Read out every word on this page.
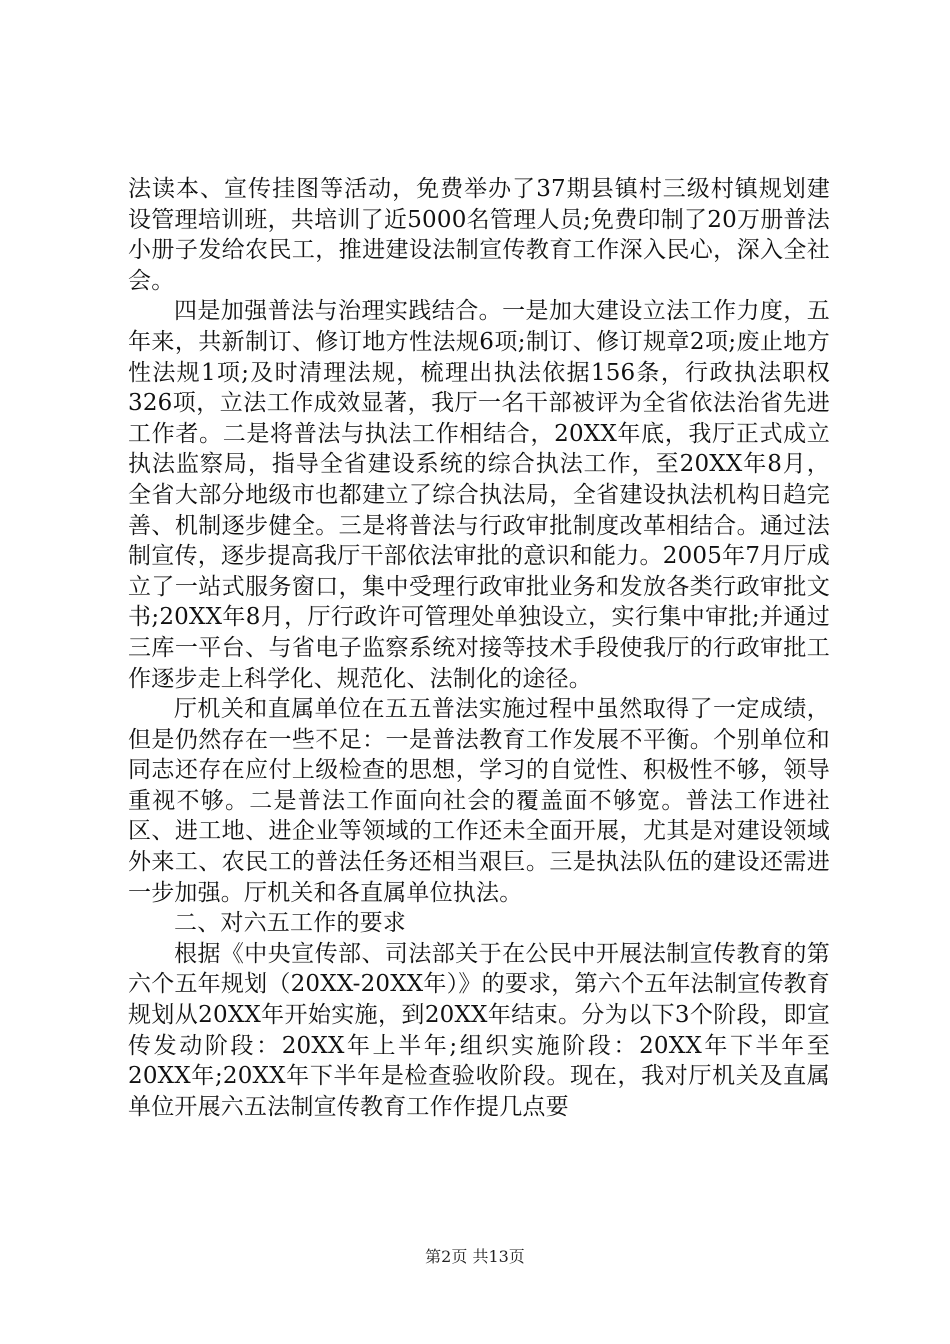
法读本、宣传挂图等活动，免费举办了37期县镇村三级村镇规划建设管理培训班，共培训了近5000名管理人员;免费印制了20万册普法小册子发给农民工，推进建设法制宣传教育工作深入民心，深入全社会。

四是加强普法与治理实践结合。一是加大建设立法工作力度，五年来，共新制订、修订地方性法规6项;制订、修订规章2项;废止地方性法规1项;及时清理法规，梳理出执法依据156条，行政执法职权326项，立法工作成效显著，我厅一名干部被评为全省依法治省先进工作者。二是将普法与执法工作相结合，20XX年底，我厅正式成立执法监察局，指导全省建设系统的综合执法工作，至20XX年8月，全省大部分地级市也都建立了综合执法局，全省建设执法机构日趋完善、机制逐步健全。三是将普法与行政审批制度改革相结合。通过法制宣传，逐步提高我厅干部依法审批的意识和能力。2005年7月厅成立了一站式服务窗口，集中受理行政审批业务和发放各类行政审批文书;20XX年8月，厅行政许可管理处单独设立，实行集中审批;并通过三库一平台、与省电子监察系统对接等技术手段使我厅的行政审批工作逐步走上科学化、规范化、法制化的途径。

厅机关和直属单位在五五普法实施过程中虽然取得了一定成绩，但是仍然存在一些不足：一是普法教育工作发展不平衡。个别单位和同志还存在应付上级检查的思想，学习的自觉性、积极性不够，领导重视不够。二是普法工作面向社会的覆盖面不够宽。普法工作进社区、进工地、进企业等领域的工作还未全面开展，尤其是对建设领域外来工、农民工的普法任务还相当艰巨。三是执法队伍的建设还需进一步加强。厅机关和各直属单位执法。

二、对六五工作的要求

根据《中央宣传部、司法部关于在公民中开展法制宣传教育的第六个五年规划（20XX-20XX年）》的要求，第六个五年法制宣传教育规划从20XX年开始实施，到20XX年结束。分为以下3个阶段，即宣传发动阶段：20XX年上半年;组织实施阶段：20XX年下半年至20XX年;20XX年下半年是检查验收阶段。现在，我对厅机关及直属单位开展六五法制宣传教育工作作提几点要

第2页 共13页
